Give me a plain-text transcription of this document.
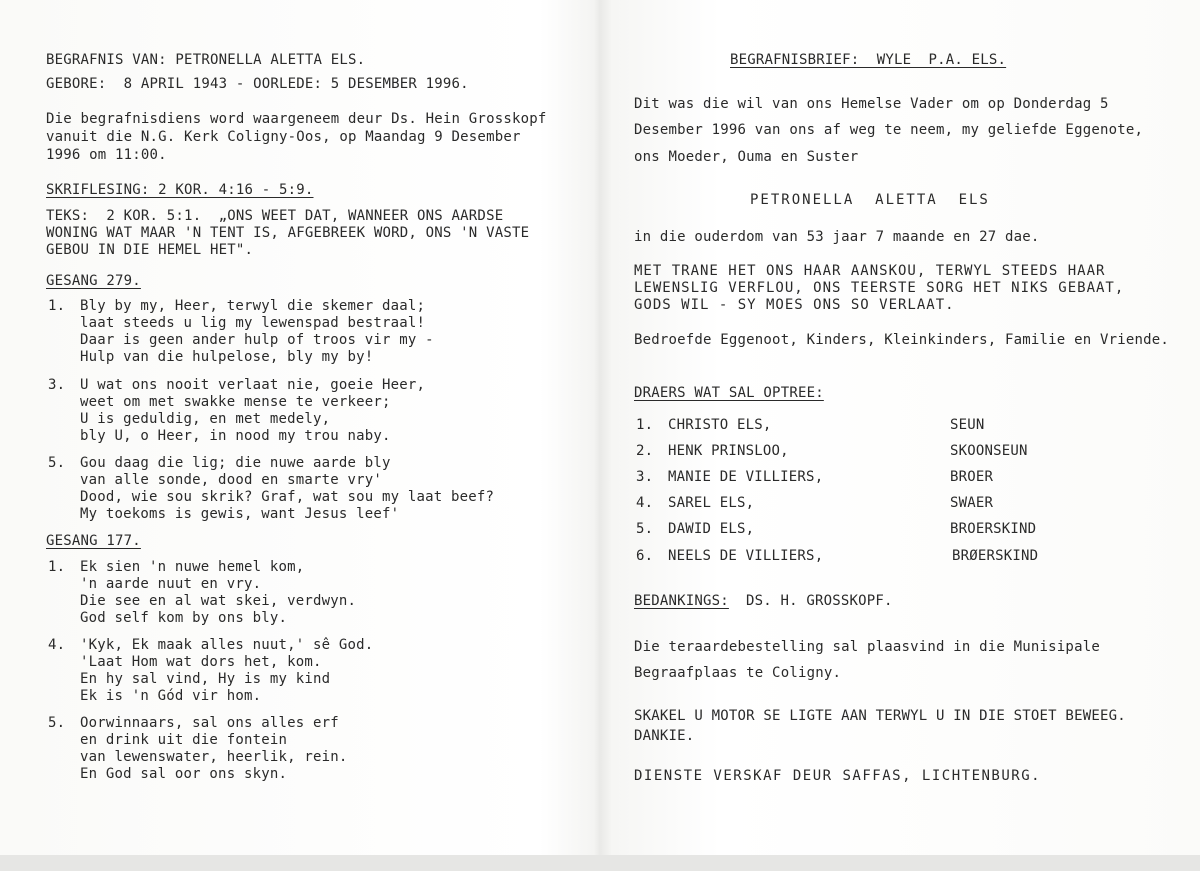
BEGRAFNIS VAN: PETRONELLA ALETTA ELS.
GEBORE:  8 APRIL 1943 - OORLEDE: 5 DESEMBER 1996.
Die begrafnisdiens word waargeneem deur Ds. Hein Grosskopf
vanuit die N.G. Kerk Coligny-Oos, op Maandag 9 Desember
1996 om 11:00.
SKRIFLESING: 2 KOR. 4:16 - 5:9.
TEKS:  2 KOR. 5:1.  „ONS WEET DAT, WANNEER ONS AARDSE
WONING WAT MAAR 'N TENT IS, AFGEBREEK WORD, ONS 'N VASTE
GEBOU IN DIE HEMEL HET".
GESANG 279.
1. Bly by my, Heer, terwyl die skemer daal;
laat steeds u lig my lewenspad bestraal!
Daar is geen ander hulp of troos vir my -
Hulp van die hulpelose, bly my by!
3. U wat ons nooit verlaat nie, goeie Heer,
weet om met swakke mense te verkeer;
U is geduldig, en met medely,
bly U, o Heer, in nood my trou naby.
5. Gou daag die lig; die nuwe aarde bly
van alle sonde, dood en smarte vry'
Dood, wie sou skrik? Graf, wat sou my laat beef?
My toekoms is gewis, want Jesus leef'
GESANG 177.
1. Ek sien 'n nuwe hemel kom,
'n aarde nuut en vry.
Die see en al wat skei, verdwyn.
God self kom by ons bly.
4. 'Kyk, Ek maak alles nuut,' sê God.
'Laat Hom wat dors het, kom.
En hy sal vind, Hy is my kind
Ek is 'n Gód vir hom.
5. Oorwinnaars, sal ons alles erf
en drink uit die fontein
van lewenswater, heerlik, rein.
En God sal oor ons skyn.
BEGRAFNISBRIEF:  WYLE  P.A. ELS.
Dit was die wil van ons Hemelse Vader om op Donderdag 5
Desember 1996 van ons af weg te neem, my geliefde Eggenote,
ons Moeder, Ouma en Suster
PETRONELLA  ALETTA  ELS
in die ouderdom van 53 jaar 7 maande en 27 dae.
MET TRANE HET ONS HAAR AANSKOU, TERWYL STEEDS HAAR
LEWENSLIG VERFLOU, ONS TEERSTE SORG HET NIKS GEBAAT,
GODS WIL - SY MOES ONS SO VERLAAT.
Bedroefde Eggenoot, Kinders, Kleinkinders, Familie en Vriende.
DRAERS WAT SAL OPTREE:
1. CHRISTO ELS,	SEUN
2. HENK PRINSLOO,	SKOONSEUN
3. MANIE DE VILLIERS,	BROER
4. SAREL ELS,	SWAER
5. DAWID ELS,	BROERSKIND
6. NEELS DE VILLIERS,	BRØERSKIND
BEDANKINGS: DS. H. GROSSKOPF.
Die teraardebestelling sal plaasvind in die Munisipale
Begraafplaas te Coligny.
SKAKEL U MOTOR SE LIGTE AAN TERWYL U IN DIE STOET BEWEEG.
DANKIE.
DIENSTE VERSKAF DEUR SAFFAS, LICHTENBURG.
